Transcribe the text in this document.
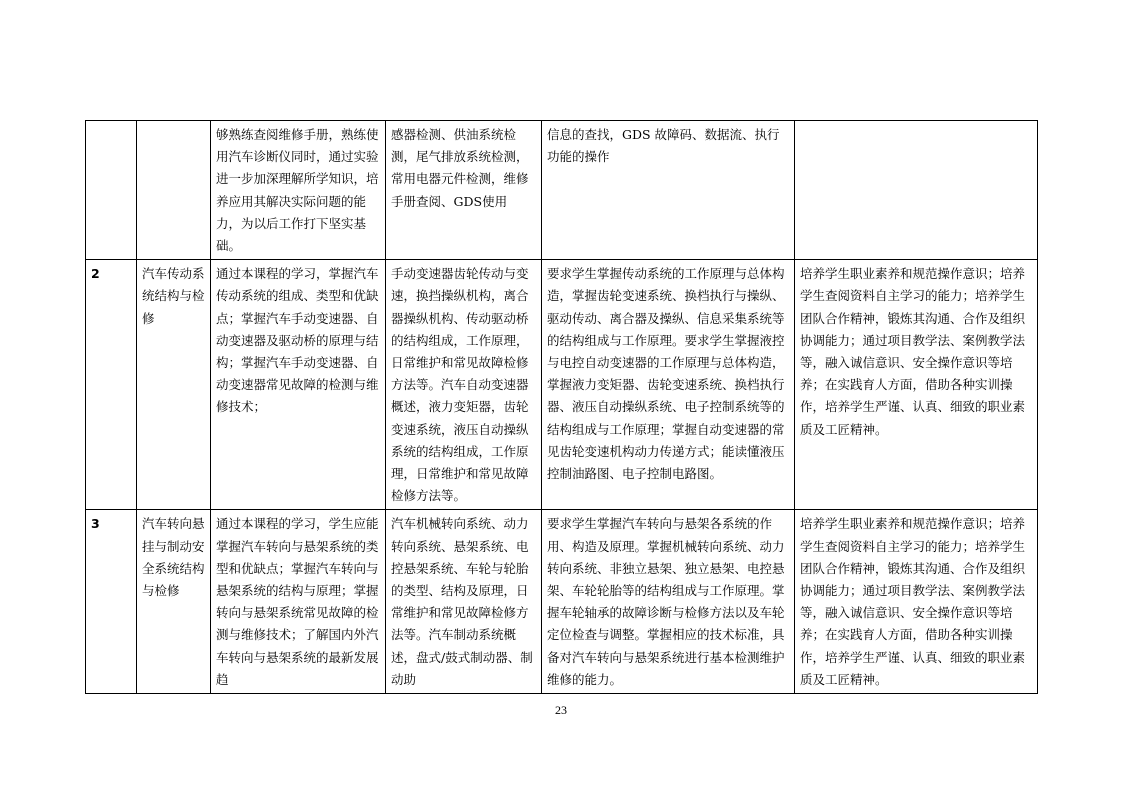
		够熟练查阅维修手册，熟练使用汽车诊断仪同时，通过实验进一步加深理解所学知识，培养应用其解决实际问题的能力，为以后工作打下坚实基础。	感器检测、供油系统检测，尾气排放系统检测，常用电器元件检测，维修手册查阅、GDS使用	信息的查找，GDS 故障码、数据流、执行功能的操作	
2	汽车传动系统结构与检修	通过本课程的学习，掌握汽车传动系统的组成、类型和优缺点；掌握汽车手动变速器、自动变速器及驱动桥的原理与结构；掌握汽车手动变速器、自动变速器常见故障的检测与维修技术；	手动变速器齿轮传动与变速，换挡操纵机构，离合器操纵机构、传动驱动桥的结构组成，工作原理，日常维护和常见故障检修方法等。汽车自动变速器概述，液力变矩器，齿轮变速系统，液压自动操纵系统的结构组成，工作原理，日常维护和常见故障检修方法等。	要求学生掌握传动系统的工作原理与总体构造，掌握齿轮变速系统、换档执行与操纵、驱动传动、离合器及操纵、信息采集系统等的结构组成与工作原理。要求学生掌握液控与电控自动变速器的工作原理与总体构造，掌握液力变矩器、齿轮变速系统、换档执行器、液压自动操纵系统、电子控制系统等的结构组成与工作原理；掌握自动变速器的常见齿轮变速机构动力传递方式；能读懂液压控制油路图、电子控制电路图。	培养学生职业素养和规范操作意识；培养学生查阅资料自主学习的能力；培养学生团队合作精神，锻炼其沟通、合作及组织协调能力；通过项目教学法、案例教学法等，融入诚信意识、安全操作意识等培养；在实践育人方面，借助各种实训操作，培养学生严谨、认真、细致的职业素质及工匠精神。
3	汽车转向悬挂与制动安全系统结构与检修	通过本课程的学习，学生应能掌握汽车转向与悬架系统的类型和优缺点；掌握汽车转向与悬架系统的结构与原理；掌握转向与悬架系统常见故障的检测与维修技术；了解国内外汽车转向与悬架系统的最新发展趋	汽车机械转向系统、动力转向系统、悬架系统、电控悬架系统、车轮与轮胎的类型、结构及原理，日常维护和常见故障检修方法等。汽车制动系统概述，盘式/鼓式制动器、制动助	要求学生掌握汽车转向与悬架各系统的作用、构造及原理。掌握机械转向系统、动力转向系统、非独立悬架、独立悬架、电控悬架、车轮轮胎等的结构组成与工作原理。掌握车轮轴承的故障诊断与检修方法以及车轮定位检查与调整。掌握相应的技术标准，具备对汽车转向与悬架系统进行基本检测维护维修的能力。	培养学生职业素养和规范操作意识；培养学生查阅资料自主学习的能力；培养学生团队合作精神，锻炼其沟通、合作及组织协调能力；通过项目教学法、案例教学法等，融入诚信意识、安全操作意识等培养；在实践育人方面，借助各种实训操作，培养学生严谨、认真、细致的职业素质及工匠精神。
23
